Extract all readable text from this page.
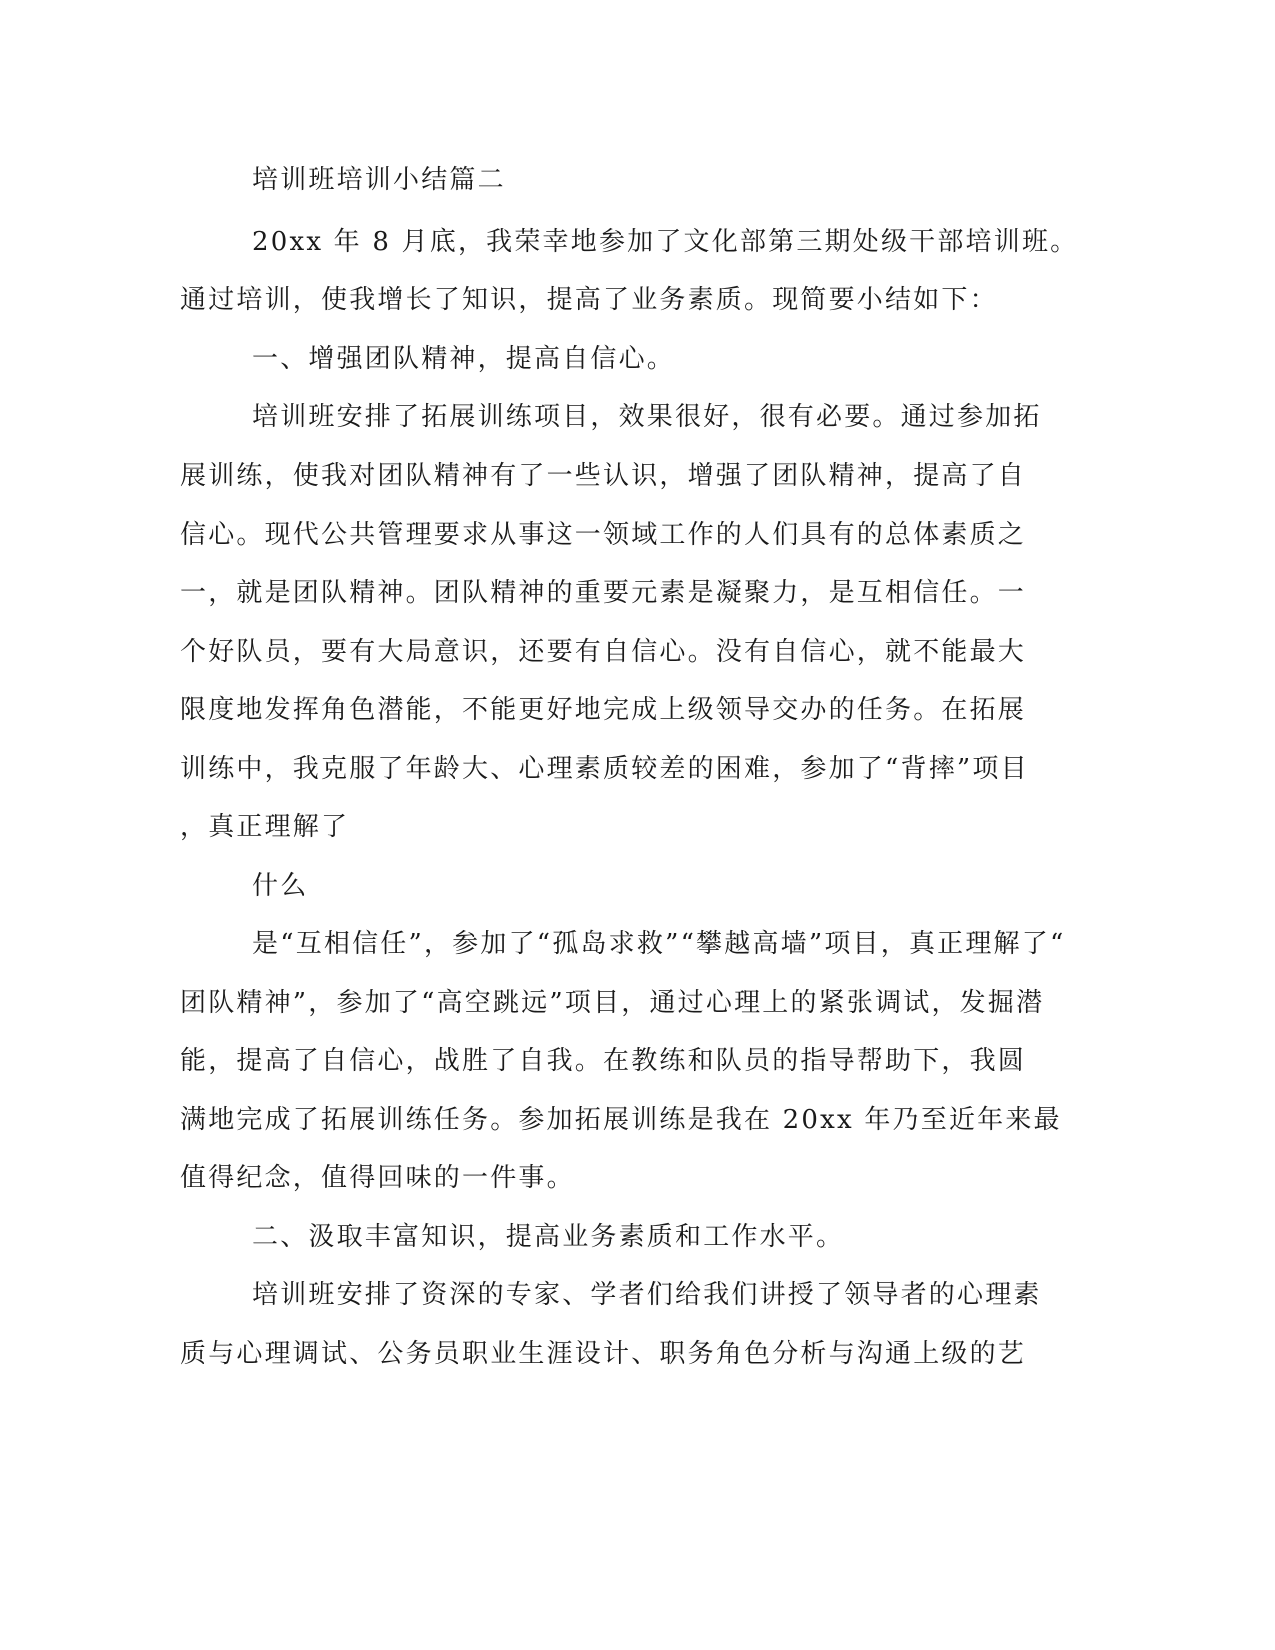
培训班培训小结篇二

20xx 年 8 月底，我荣幸地参加了文化部第三期处级干部培训班。

通过培训，使我增长了知识，提高了业务素质。现简要小结如下：

一、增强团队精神，提高自信心。

培训班安排了拓展训练项目，效果很好，很有必要。通过参加拓

展训练，使我对团队精神有了一些认识，增强了团队精神，提高了自

信心。现代公共管理要求从事这一领域工作的人们具有的总体素质之

一，就是团队精神。团队精神的重要元素是凝聚力，是互相信任。一

个好队员，要有大局意识，还要有自信心。没有自信心，就不能最大

限度地发挥角色潜能，不能更好地完成上级领导交办的任务。在拓展

训练中，我克服了年龄大、心理素质较差的困难，参加了“背摔”项目

，真正理解了

什么

是“互相信任”，参加了“孤岛求救”“攀越高墙”项目，真正理解了“

团队精神”，参加了“高空跳远”项目，通过心理上的紧张调试，发掘潜

能，提高了自信心，战胜了自我。在教练和队员的指导帮助下，我圆

满地完成了拓展训练任务。参加拓展训练是我在 20xx 年乃至近年来最

值得纪念，值得回味的一件事。

二、汲取丰富知识，提高业务素质和工作水平。

培训班安排了资深的专家、学者们给我们讲授了领导者的心理素

质与心理调试、公务员职业生涯设计、职务角色分析与沟通上级的艺
